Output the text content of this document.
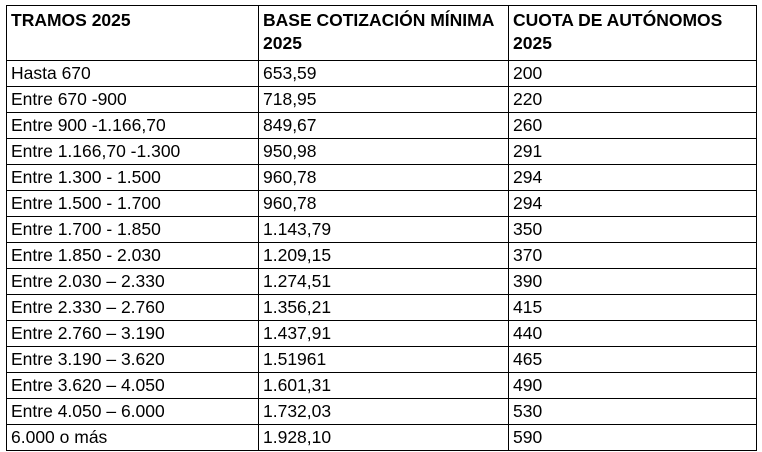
TRAMOS 2025	BASE COTIZACIÓN MÍNIMA 2025	CUOTA DE AUTÓNOMOS 2025
Hasta 670	653,59	200
Entre 670 -900	718,95	220
Entre 900 -1.166,70	849,67	260
Entre 1.166,70 -1.300	950,98	291
Entre 1.300 - 1.500	960,78	294
Entre 1.500 - 1.700	960,78	294
Entre 1.700 - 1.850	1.143,79	350
Entre 1.850 - 2.030	1.209,15	370
Entre 2.030 – 2.330	1.274,51	390
Entre 2.330 – 2.760	1.356,21	415
Entre 2.760 – 3.190	1.437,91	440
Entre 3.190 – 3.620	1.51961	465
Entre 3.620 – 4.050	1.601,31	490
Entre 4.050 – 6.000	1.732,03	530
6.000 o más	1.928,10	590
